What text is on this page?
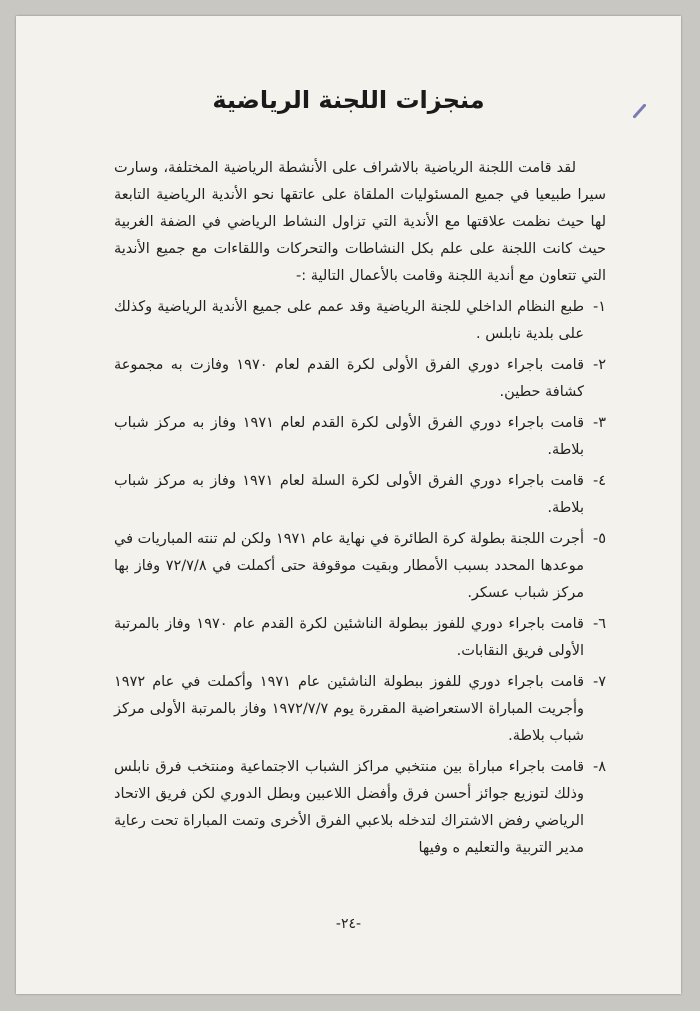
منجزات اللجنة الرياضية

لقد قامت اللجنة الرياضية بالاشراف على الأنشطة الرياضية المختلفة، وسارت سيرا طبيعيا في جميع المسئوليات الملقاة على عاتقها نحو الأندية الرياضية التابعة لها حيث نظمت علاقتها مع الأندية التي تزاول النشاط الرياضي في الضفة الغربية حيث كانت اللجنة على علم بكل النشاطات والتحركات واللقاءات مع جميع الأندية التي تتعاون مع أندية اللجنة وقامت بالأعمال التالية :-

١-
طبع النظام الداخلي للجنة الرياضية وقد عمم على جميع الأندية الرياضية وكذلك على بلدية نابلس .
٢-
قامت باجراء دوري الفرق الأولى لكرة القدم لعام ١٩٧٠ وفازت به مجموعة كشافة حطين.
٣-
قامت باجراء دوري الفرق الأولى لكرة القدم لعام ١٩٧١ وفاز به مركز شباب بلاطة.
٤-
قامت باجراء دوري الفرق الأولى لكرة السلة لعام ١٩٧١ وفاز به مركز شباب بلاطة.
٥-
أجرت اللجنة بطولة كرة الطائرة في نهاية عام ١٩٧١ ولكن لم تنته المباريات في موعدها المحدد بسبب الأمطار وبقيت موقوفة حتى أكملت في ٧٢/٧/٨ وفاز بها مركز شباب عسكر.
٦-
قامت باجراء دوري للفوز ببطولة الناشئين لكرة القدم عام ١٩٧٠ وفاز بالمرتبة الأولى فريق النقابات.
٧-
قامت باجراء دوري للفوز ببطولة الناشئين عام ١٩٧١ وأكملت في عام ١٩٧٢ وأجريت المباراة الاستعراضية المقررة يوم ١٩٧٢/٧/٧ وفاز بالمرتبة الأولى مركز شباب بلاطة.
٨-
قامت باجراء مباراة بين منتخبي مراكز الشباب الاجتماعية ومنتخب فرق نابلس وذلك لتوزيع جوائز أحسن فرق وأفضل اللاعبين وبطل الدوري لكن فريق الاتحاد الرياضي رفض الاشتراك لتدخله بلاعبي الفرق الأخرى وتمت المباراة تحت رعاية مدير التربية والتعليم ه وفيها
-٢٤-
